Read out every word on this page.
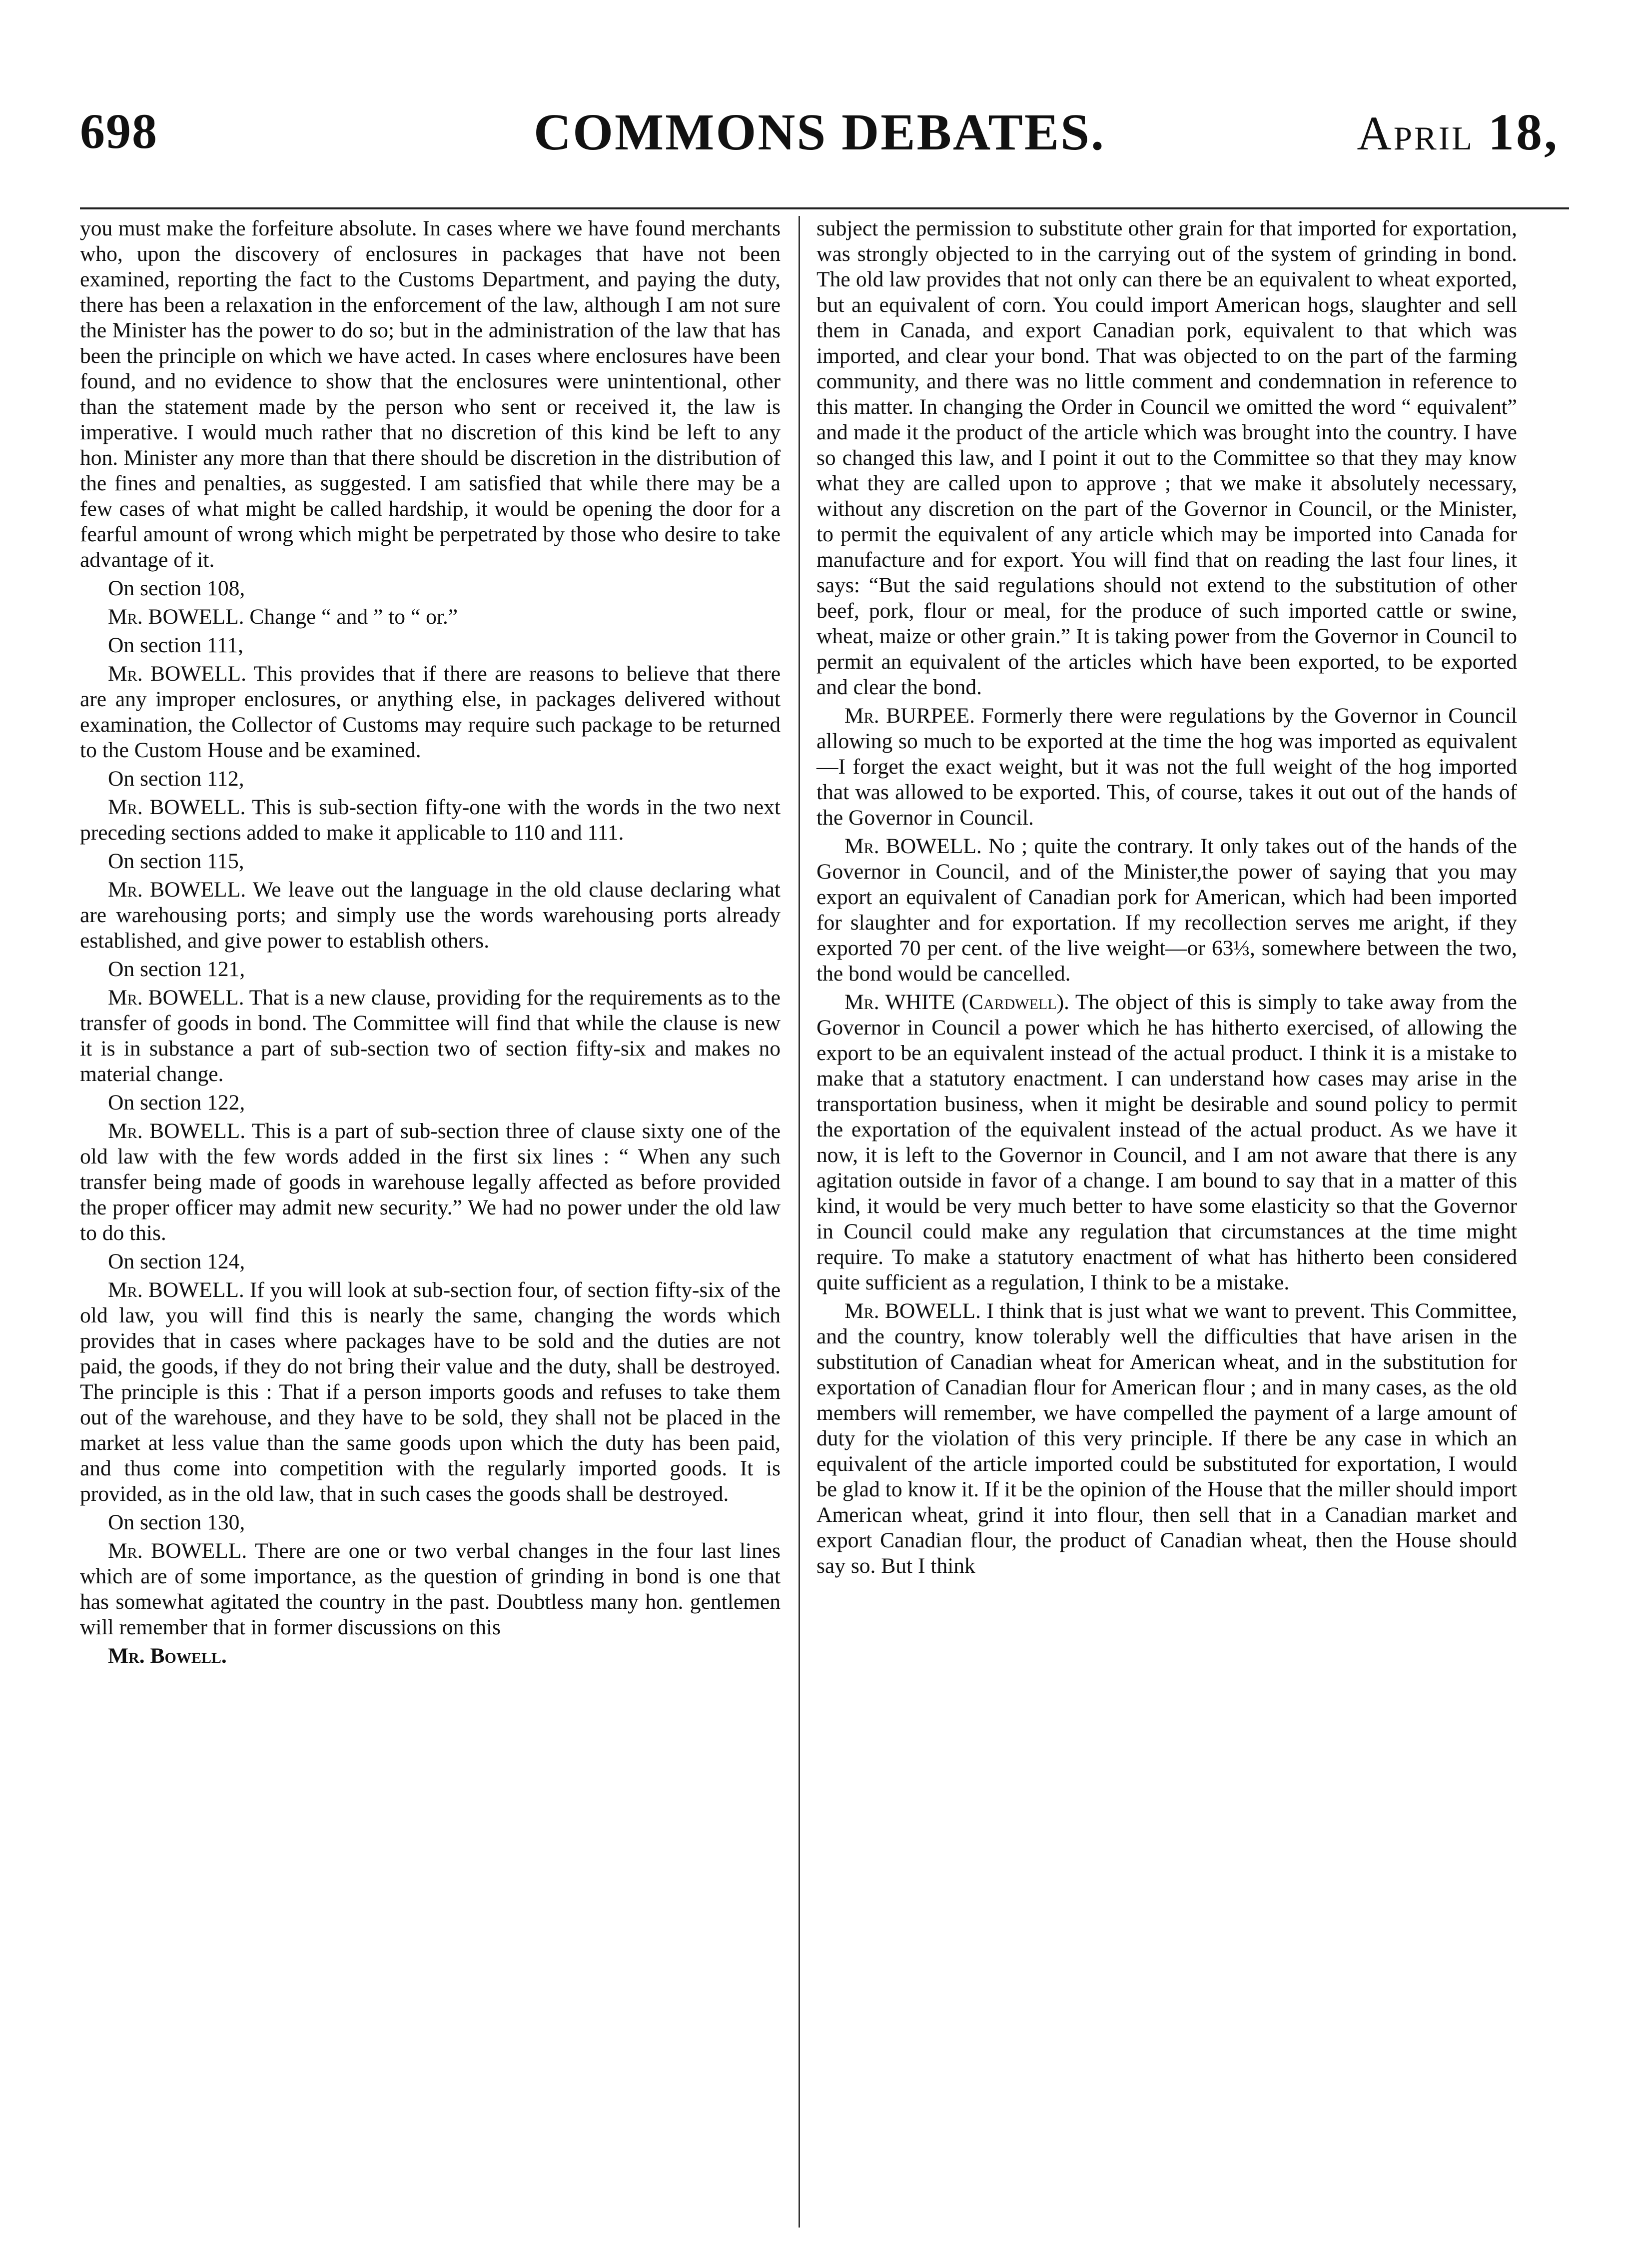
698	COMMONS DEBATES.	April 18,

you must make the forfeiture absolute. In cases where we have found merchants who, upon the discovery of enclosures in packages that have not been examined, reporting the fact to the Customs Department, and paying the duty, there has been a relaxation in the enforcement of the law, although I am not sure the Minister has the power to do so; but in the administration of the law that has been the principle on which we have acted. In cases where enclosures have been found, and no evidence to show that the enclosures were unintentional, other than the statement made by the person who sent or received it, the law is imperative. I would much rather that no discretion of this kind be left to any hon. Minister any more than that there should be discretion in the distribution of the fines and penalties, as suggested. I am satisfied that while there may be a few cases of what might be called hardship, it would be opening the door for a fearful amount of wrong which might be perpetrated by those who desire to take advantage of it.

On section 108,

Mr. BOWELL. Change “ and ” to “ or.”

On section 111,

Mr. BOWELL. This provides that if there are reasons to believe that there are any improper enclosures, or anything else, in packages delivered without examination, the Collector of Customs may require such package to be returned to the Custom House and be examined.

On section 112,

Mr. BOWELL. This is sub-section fifty-one with the words in the two next preceding sections added to make it applicable to 110 and 111.

On section 115,

Mr. BOWELL. We leave out the language in the old clause declaring what are warehousing ports; and simply use the words warehousing ports already established, and give power to establish others.

On section 121,

Mr. BOWELL. That is a new clause, providing for the requirements as to the transfer of goods in bond. The Committee will find that while the clause is new it is in substance a part of sub-section two of section fifty-six and makes no material change.

On section 122,

Mr. BOWELL. This is a part of sub-section three of clause sixty one of the old law with the few words added in the first six lines : “ When any such transfer being made of goods in warehouse legally affected as before provided the proper officer may admit new security.” We had no power under the old law to do this.

On section 124,

Mr. BOWELL. If you will look at sub-section four, of section fifty-six of the old law, you will find this is nearly the same, changing the words which provides that in cases where packages have to be sold and the duties are not paid, the goods, if they do not bring their value and the duty, shall be destroyed. The principle is this : That if a person imports goods and refuses to take them out of the warehouse, and they have to be sold, they shall not be placed in the market at less value than the same goods upon which the duty has been paid, and thus come into competition with the regularly imported goods. It is provided, as in the old law, that in such cases the goods shall be destroyed.

On section 130,

Mr. BOWELL. There are one or two verbal changes in the four last lines which are of some importance, as the question of grinding in bond is one that has somewhat agitated the country in the past. Doubtless many hon. gentlemen will remember that in former discussions on this

Mr. Bowell.

subject the permission to substitute other grain for that imported for exportation, was strongly objected to in the carrying out of the system of grinding in bond. The old law provides that not only can there be an equivalent to wheat exported, but an equivalent of corn. You could import American hogs, slaughter and sell them in Canada, and export Canadian pork, equivalent to that which was imported, and clear your bond. That was objected to on the part of the farming community, and there was no little comment and condemnation in reference to this matter. In changing the Order in Council we omitted the word “ equivalent” and made it the product of the article which was brought into the country. I have so changed this law, and I point it out to the Committee so that they may know what they are called upon to approve ; that we make it absolutely necessary, without any discretion on the part of the Governor in Council, or the Minister, to permit the equivalent of any article which may be imported into Canada for manufacture and for export. You will find that on reading the last four lines, it says: “But the said regulations should not extend to the substitution of other beef, pork, flour or meal, for the produce of such imported cattle or swine, wheat, maize or other grain.” It is taking power from the Governor in Council to permit an equivalent of the articles which have been exported, to be exported and clear the bond.

Mr. BURPEE. Formerly there were regulations by the Governor in Council allowing so much to be exported at the time the hog was imported as equivalent—I forget the exact weight, but it was not the full weight of the hog imported that was allowed to be exported. This, of course, takes it out out of the hands of the Governor in Council.

Mr. BOWELL. No ; quite the contrary. It only takes out of the hands of the Governor in Council, and of the Minister,the power of saying that you may export an equivalent of Canadian pork for American, which had been imported for slaughter and for exportation. If my recollection serves me aright, if they exported 70 per cent. of the live weight—or 63⅓, somewhere between the two, the bond would be cancelled.

Mr. WHITE (Cardwell). The object of this is simply to take away from the Governor in Council a power which he has hitherto exercised, of allowing the export to be an equivalent instead of the actual product. I think it is a mistake to make that a statutory enactment. I can understand how cases may arise in the transportation business, when it might be desirable and sound policy to permit the exportation of the equivalent instead of the actual product. As we have it now, it is left to the Governor in Council, and I am not aware that there is any agitation outside in favor of a change. I am bound to say that in a matter of this kind, it would be very much better to have some elasticity so that the Governor in Council could make any regulation that circumstances at the time might require. To make a statutory enactment of what has hitherto been considered quite sufficient as a regulation, I think to be a mistake.

Mr. BOWELL. I think that is just what we want to prevent. This Committee, and the country, know tolerably well the difficulties that have arisen in the substitution of Canadian wheat for American wheat, and in the substitution for exportation of Canadian flour for American flour ; and in many cases, as the old members will remember, we have compelled the payment of a large amount of duty for the violation of this very principle. If there be any case in which an equivalent of the article imported could be substituted for exportation, I would be glad to know it. If it be the opinion of the House that the miller should import American wheat, grind it into flour, then sell that in a Canadian market and export Canadian flour, the product of Canadian wheat, then the House should say so. But I think
